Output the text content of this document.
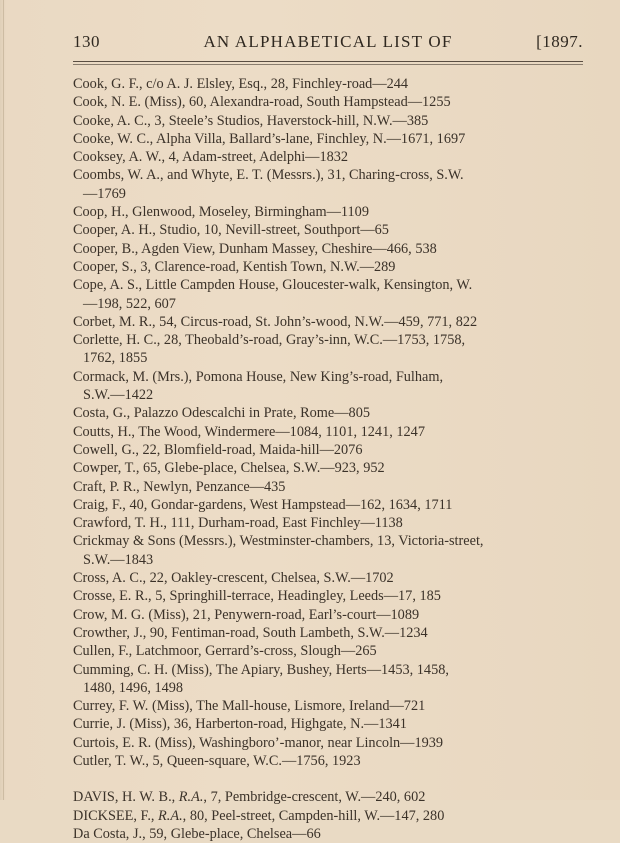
130	AN ALPHABETICAL LIST OF	[1897.
Cook, G. F., c/o A. J. Elsley, Esq., 28, Finchley-road—244
Cook, N. E. (Miss), 60, Alexandra-road, South Hampstead—1255
Cooke, A. C., 3, Steele’s Studios, Haverstock-hill, N.W.—385
Cooke, W. C., Alpha Villa, Ballard’s-lane, Finchley, N.—1671, 1697
Cooksey, A. W., 4, Adam-street, Adelphi—1832
Coombs, W. A., and Whyte, E. T. (Messrs.), 31, Charing-cross, S.W.
—1769
Coop, H., Glenwood, Moseley, Birmingham—1109
Cooper, A. H., Studio, 10, Nevill-street, Southport—65
Cooper, B., Agden View, Dunham Massey, Cheshire—466, 538
Cooper, S., 3, Clarence-road, Kentish Town, N.W.—289
Cope, A. S., Little Campden House, Gloucester-walk, Kensington, W.
—198, 522, 607
Corbet, M. R., 54, Circus-road, St. John’s-wood, N.W.—459, 771, 822
Corlette, H. C., 28, Theobald’s-road, Gray’s-inn, W.C.—1753, 1758,
1762, 1855
Cormack, M. (Mrs.), Pomona House, New King’s-road, Fulham,
S.W.—1422
Costa, G., Palazzo Odescalchi in Prate, Rome—805
Coutts, H., The Wood, Windermere—1084, 1101, 1241, 1247
Cowell, G., 22, Blomfield-road, Maida-hill—2076
Cowper, T., 65, Glebe-place, Chelsea, S.W.—923, 952
Craft, P. R., Newlyn, Penzance—435
Craig, F., 40, Gondar-gardens, West Hampstead—162, 1634, 1711
Crawford, T. H., 111, Durham-road, East Finchley—1138
Crickmay & Sons (Messrs.), Westminster-chambers, 13, Victoria-street,
S.W.—1843
Cross, A. C., 22, Oakley-crescent, Chelsea, S.W.—1702
Crosse, E. R., 5, Springhill-terrace, Headingley, Leeds—17, 185
Crow, M. G. (Miss), 21, Penywern-road, Earl’s-court—1089
Crowther, J., 90, Fentiman-road, South Lambeth, S.W.—1234
Cullen, F., Latchmoor, Gerrard’s-cross, Slough—265
Cumming, C. H. (Miss), The Apiary, Bushey, Herts—1453, 1458,
1480, 1496, 1498
Currey, F. W. (Miss), The Mall-house, Lismore, Ireland—721
Currie, J. (Miss), 36, Harberton-road, Highgate, N.—1341
Curtois, E. R. (Miss), Washingboro’-manor, near Lincoln—1939
Cutler, T. W., 5, Queen-square, W.C.—1756, 1923
DAVIS, H. W. B., R.A., 7, Pembridge-crescent, W.—240, 602
DICKSEE, F., R.A., 80, Peel-street, Campden-hill, W.—147, 280
Da Costa, J., 59, Glebe-place, Chelsea—66
